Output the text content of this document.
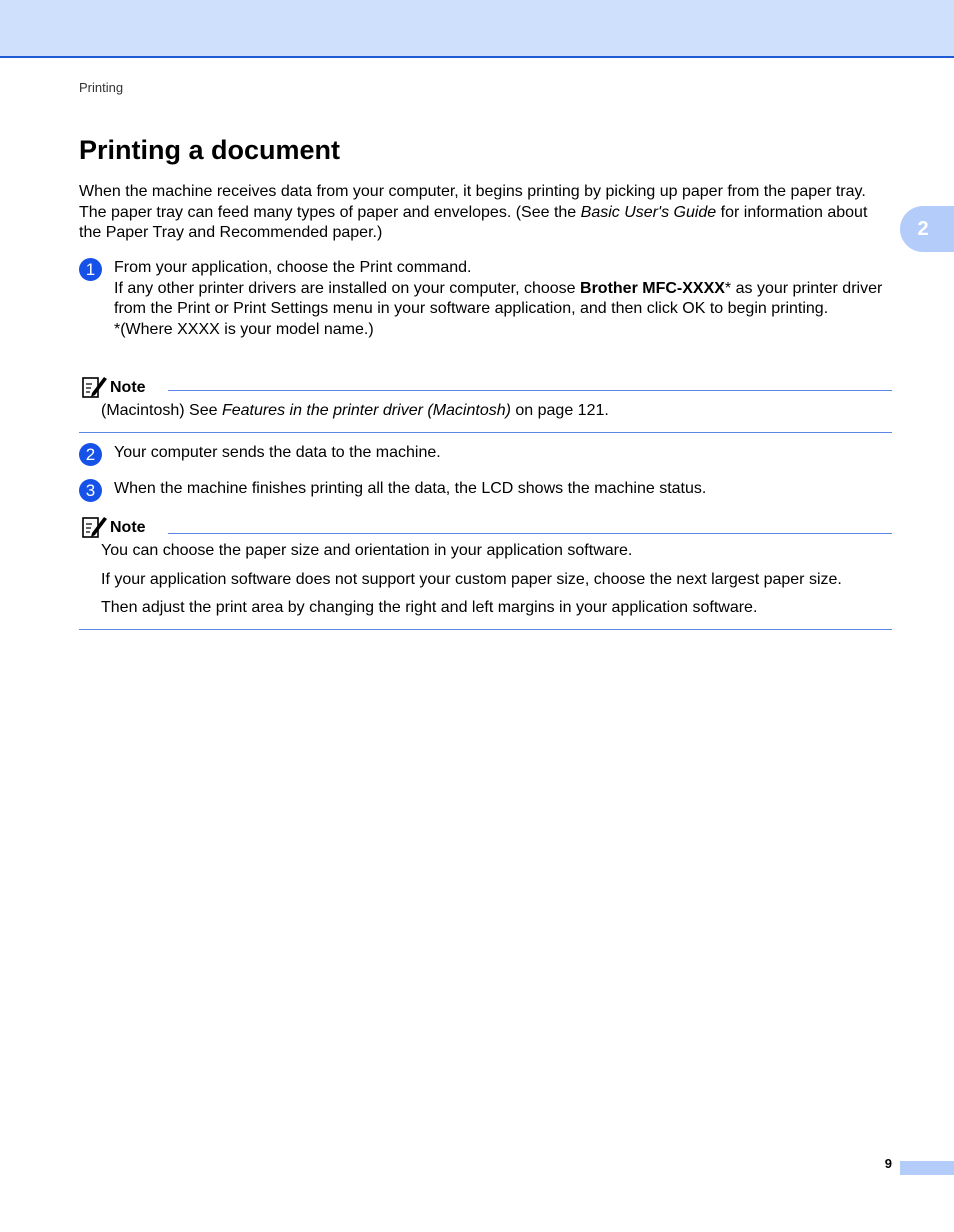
Printing
2
Printing a document

When the machine receives data from your computer, it begins printing by picking up paper from the paper tray. The paper tray can feed many types of paper and envelopes. (See the Basic User's Guide for information about the Paper Tray and Recommended paper.)

1	From your application, choose the Print command.

If any other printer drivers are installed on your computer, choose Brother MFC-XXXX* as your printer driver from the Print or Print Settings menu in your software application, and then click OK to begin printing.

*(Where XXXX is your model name.)

Note

(Macintosh) See Features in the printer driver (Macintosh) on page 121.

2	Your computer sends the data to the machine.

3	When the machine finishes printing all the data, the LCD shows the machine status.

Note

You can choose the paper size and orientation in your application software.

If your application software does not support your custom paper size, choose the next largest paper size.

Then adjust the print area by changing the right and left margins in your application software.

9
